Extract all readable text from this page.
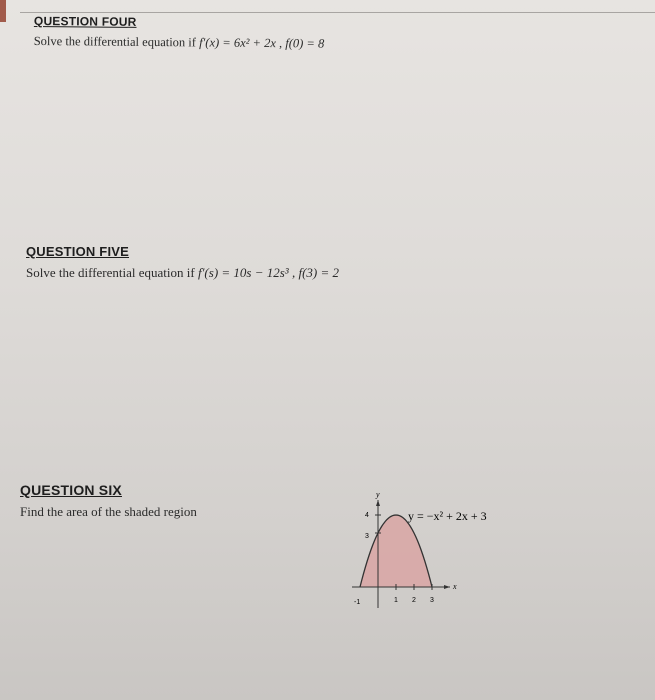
QUESTION FOUR
Solve the differential equation if f′(x) = 6x² + 2x , f(0) = 8
QUESTION FIVE
Solve the differential equation if f′(s) = 10s − 12s³ , f(3) = 2
QUESTION SIX
Find the area of the shaded region
y
x
4
3
-1	1 2 3
y = −x² + 2x + 3
